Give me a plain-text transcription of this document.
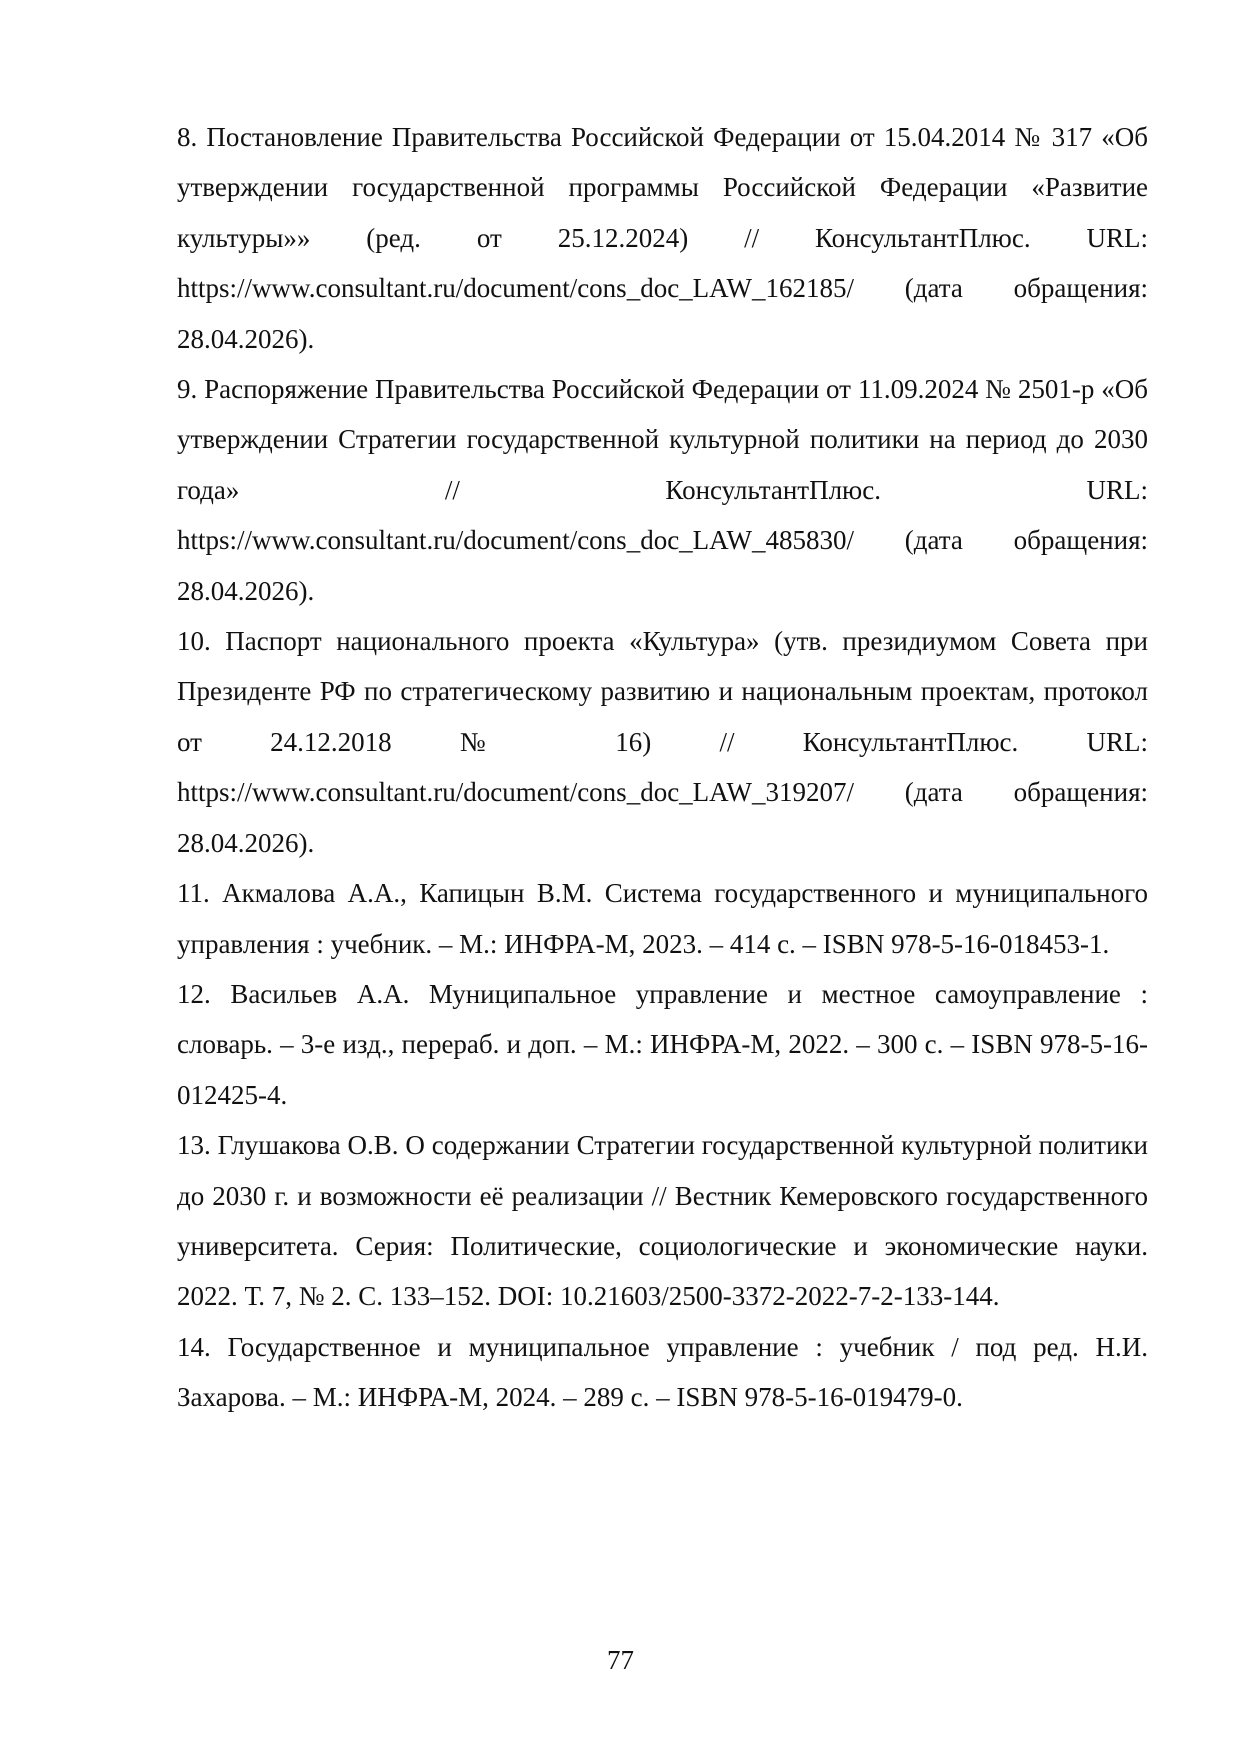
8. Постановление Правительства Российской Федерации от 15.04.2014 № 317 «Об утверждении государственной программы Российской Федерации «Развитие культуры»» (ред. от 25.12.2024) // КонсультантПлюс. URL: https://www.consultant.ru/document/cons_doc_LAW_162185/ (дата обращения: 28.04.2026).

9. Распоряжение Правительства Российской Федерации от 11.09.2024 № 2501-р «Об утверждении Стратегии государственной культурной политики на период до 2030 года» // КонсультантПлюс. URL: https://www.consultant.ru/document/cons_doc_LAW_485830/ (дата обращения: 28.04.2026).

10. Паспорт национального проекта «Культура» (утв. президиумом Совета при Президенте РФ по стратегическому развитию и национальным проектам, протокол от 24.12.2018 № 16) // КонсультантПлюс. URL: https://www.consultant.ru/document/cons_doc_LAW_319207/ (дата обращения: 28.04.2026).

11. Акмалова А.А., Капицын В.М. Система государственного и муниципального управления : учебник. – М.: ИНФРА-М, 2023. – 414 с. – ISBN 978-5-16-018453-1.

12. Васильев А.А. Муниципальное управление и местное самоуправление : словарь. – 3-е изд., перераб. и доп. – М.: ИНФРА-М, 2022. – 300 с. – ISBN 978-5-16-012425-4.

13. Глушакова О.В. О содержании Стратегии государственной культурной политики до 2030 г. и возможности её реализации // Вестник Кемеровского государственного университета. Серия: Политические, социологические и экономические науки. 2022. Т. 7, № 2. С. 133–152. DOI: 10.21603/2500-3372-2022-7-2-133-144.

14. Государственное и муниципальное управление : учебник / под ред. Н.И. Захарова. – М.: ИНФРА-М, 2024. – 289 с. – ISBN 978-5-16-019479-0.

77
